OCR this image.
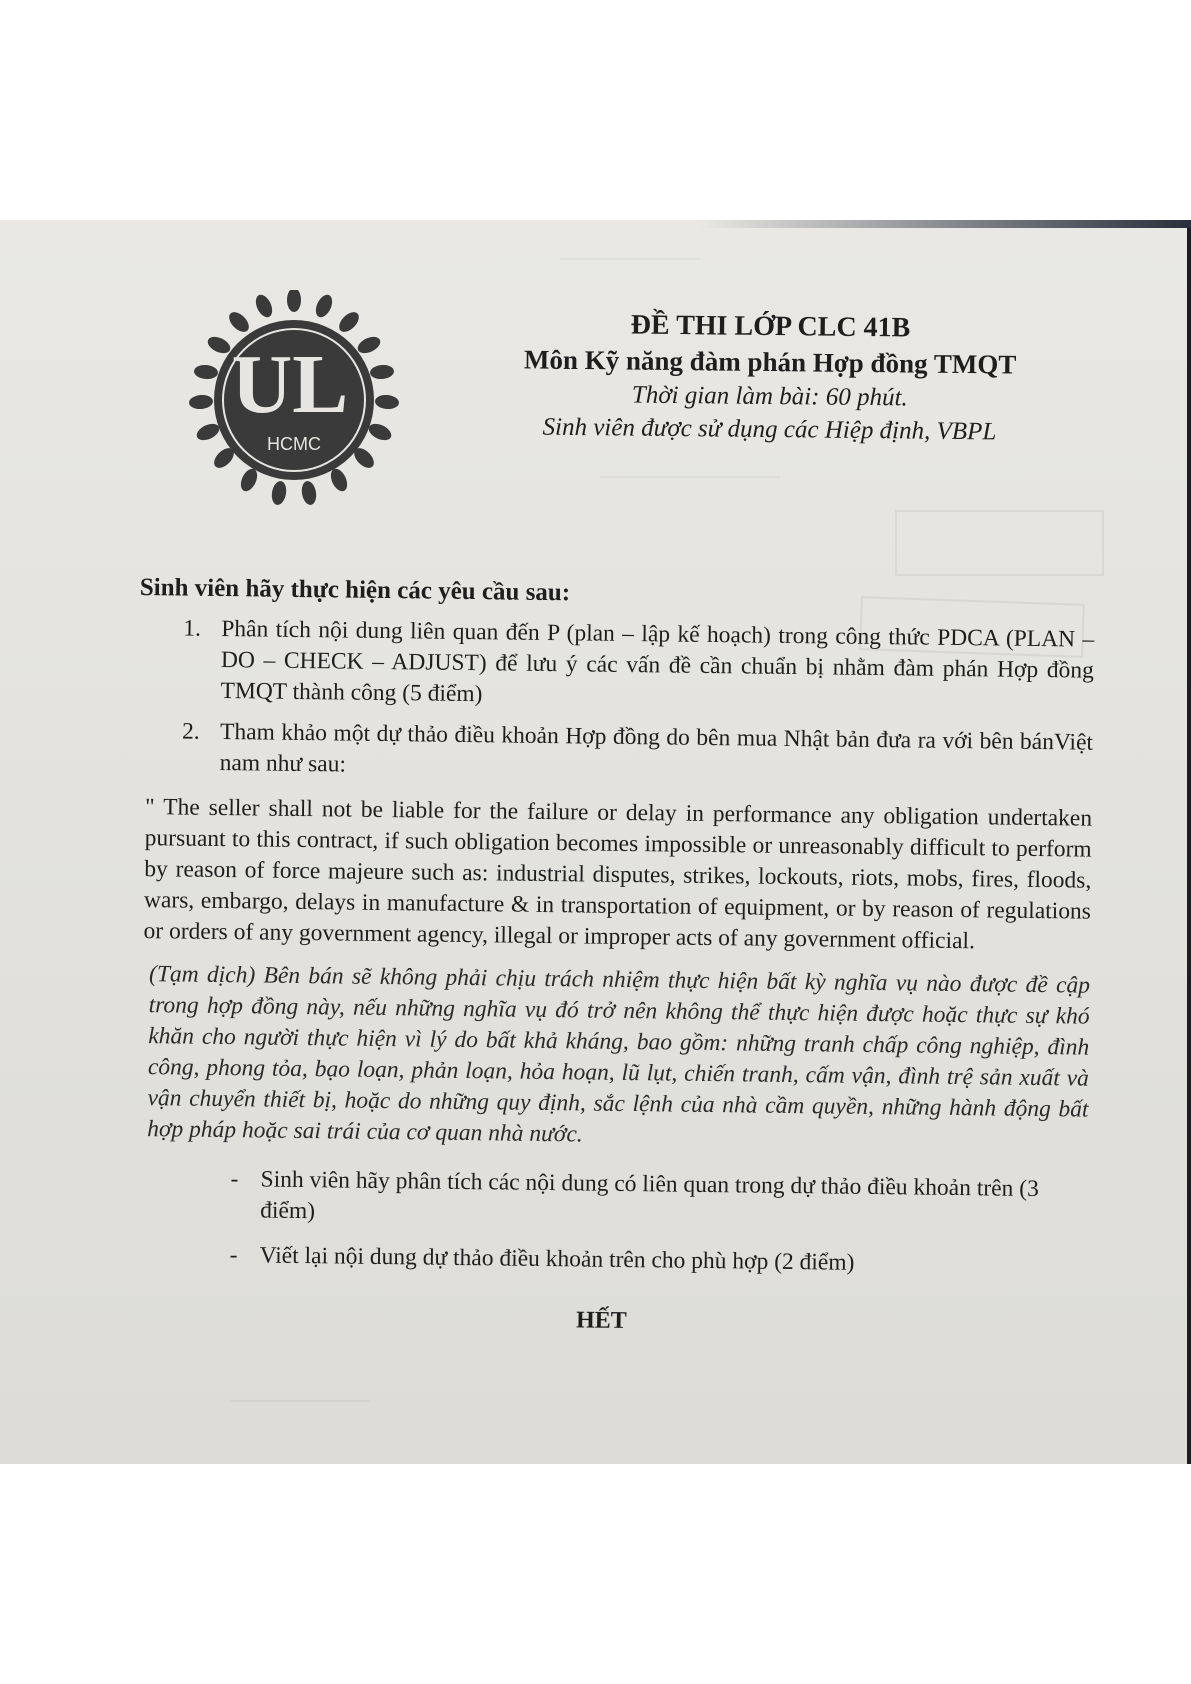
UL
HCMC
ĐỀ THI LỚP CLC 41B
Môn Kỹ năng đàm phán Hợp đồng TMQT
Thời gian làm bài: 60 phút.
Sinh viên được sử dụng các Hiệp định, VBPL
Sinh viên hãy thực hiện các yêu cầu sau:
1. Phân tích nội dung liên quan đến P (plan – lập kế hoạch) trong công thức PDCA (PLAN – DO – CHECK – ADJUST) để lưu ý các vấn đề cần chuẩn bị nhằm đàm phán Hợp đồng TMQT thành công (5 điểm)
2. Tham khảo một dự thảo điều khoản Hợp đồng do bên mua Nhật bản đưa ra với bên bánViệt nam như sau:
" The seller shall not be liable for the failure or delay in performance any obligation undertaken pursuant to this contract, if such obligation becomes impossible or unreasonably difficult to perform by reason of force majeure such as: industrial disputes, strikes, lockouts, riots, mobs, fires, floods, wars, embargo, delays in manufacture & in transportation of equipment, or by reason of regulations or orders of any government agency, illegal or improper acts of any government official.
(Tạm dịch) Bên bán sẽ không phải chịu trách nhiệm thực hiện bất kỳ nghĩa vụ nào được đề cập trong hợp đồng này, nếu những nghĩa vụ đó trở nên không thể thực hiện được hoặc thực sự khó khăn cho người thực hiện vì lý do bất khả kháng, bao gồm: những tranh chấp công nghiệp, đình công, phong tỏa, bạo loạn, phản loạn, hỏa hoạn, lũ lụt, chiến tranh, cấm vận, đình trệ sản xuất và vận chuyển thiết bị, hoặc do những quy định, sắc lệnh của nhà cầm quyền, những hành động bất hợp pháp hoặc sai trái của cơ quan nhà nước.
- Sinh viên hãy phân tích các nội dung có liên quan trong dự thảo điều khoản trên (3 điểm)
- Viết lại nội dung dự thảo điều khoản trên cho phù hợp (2 điểm)
HẾT
